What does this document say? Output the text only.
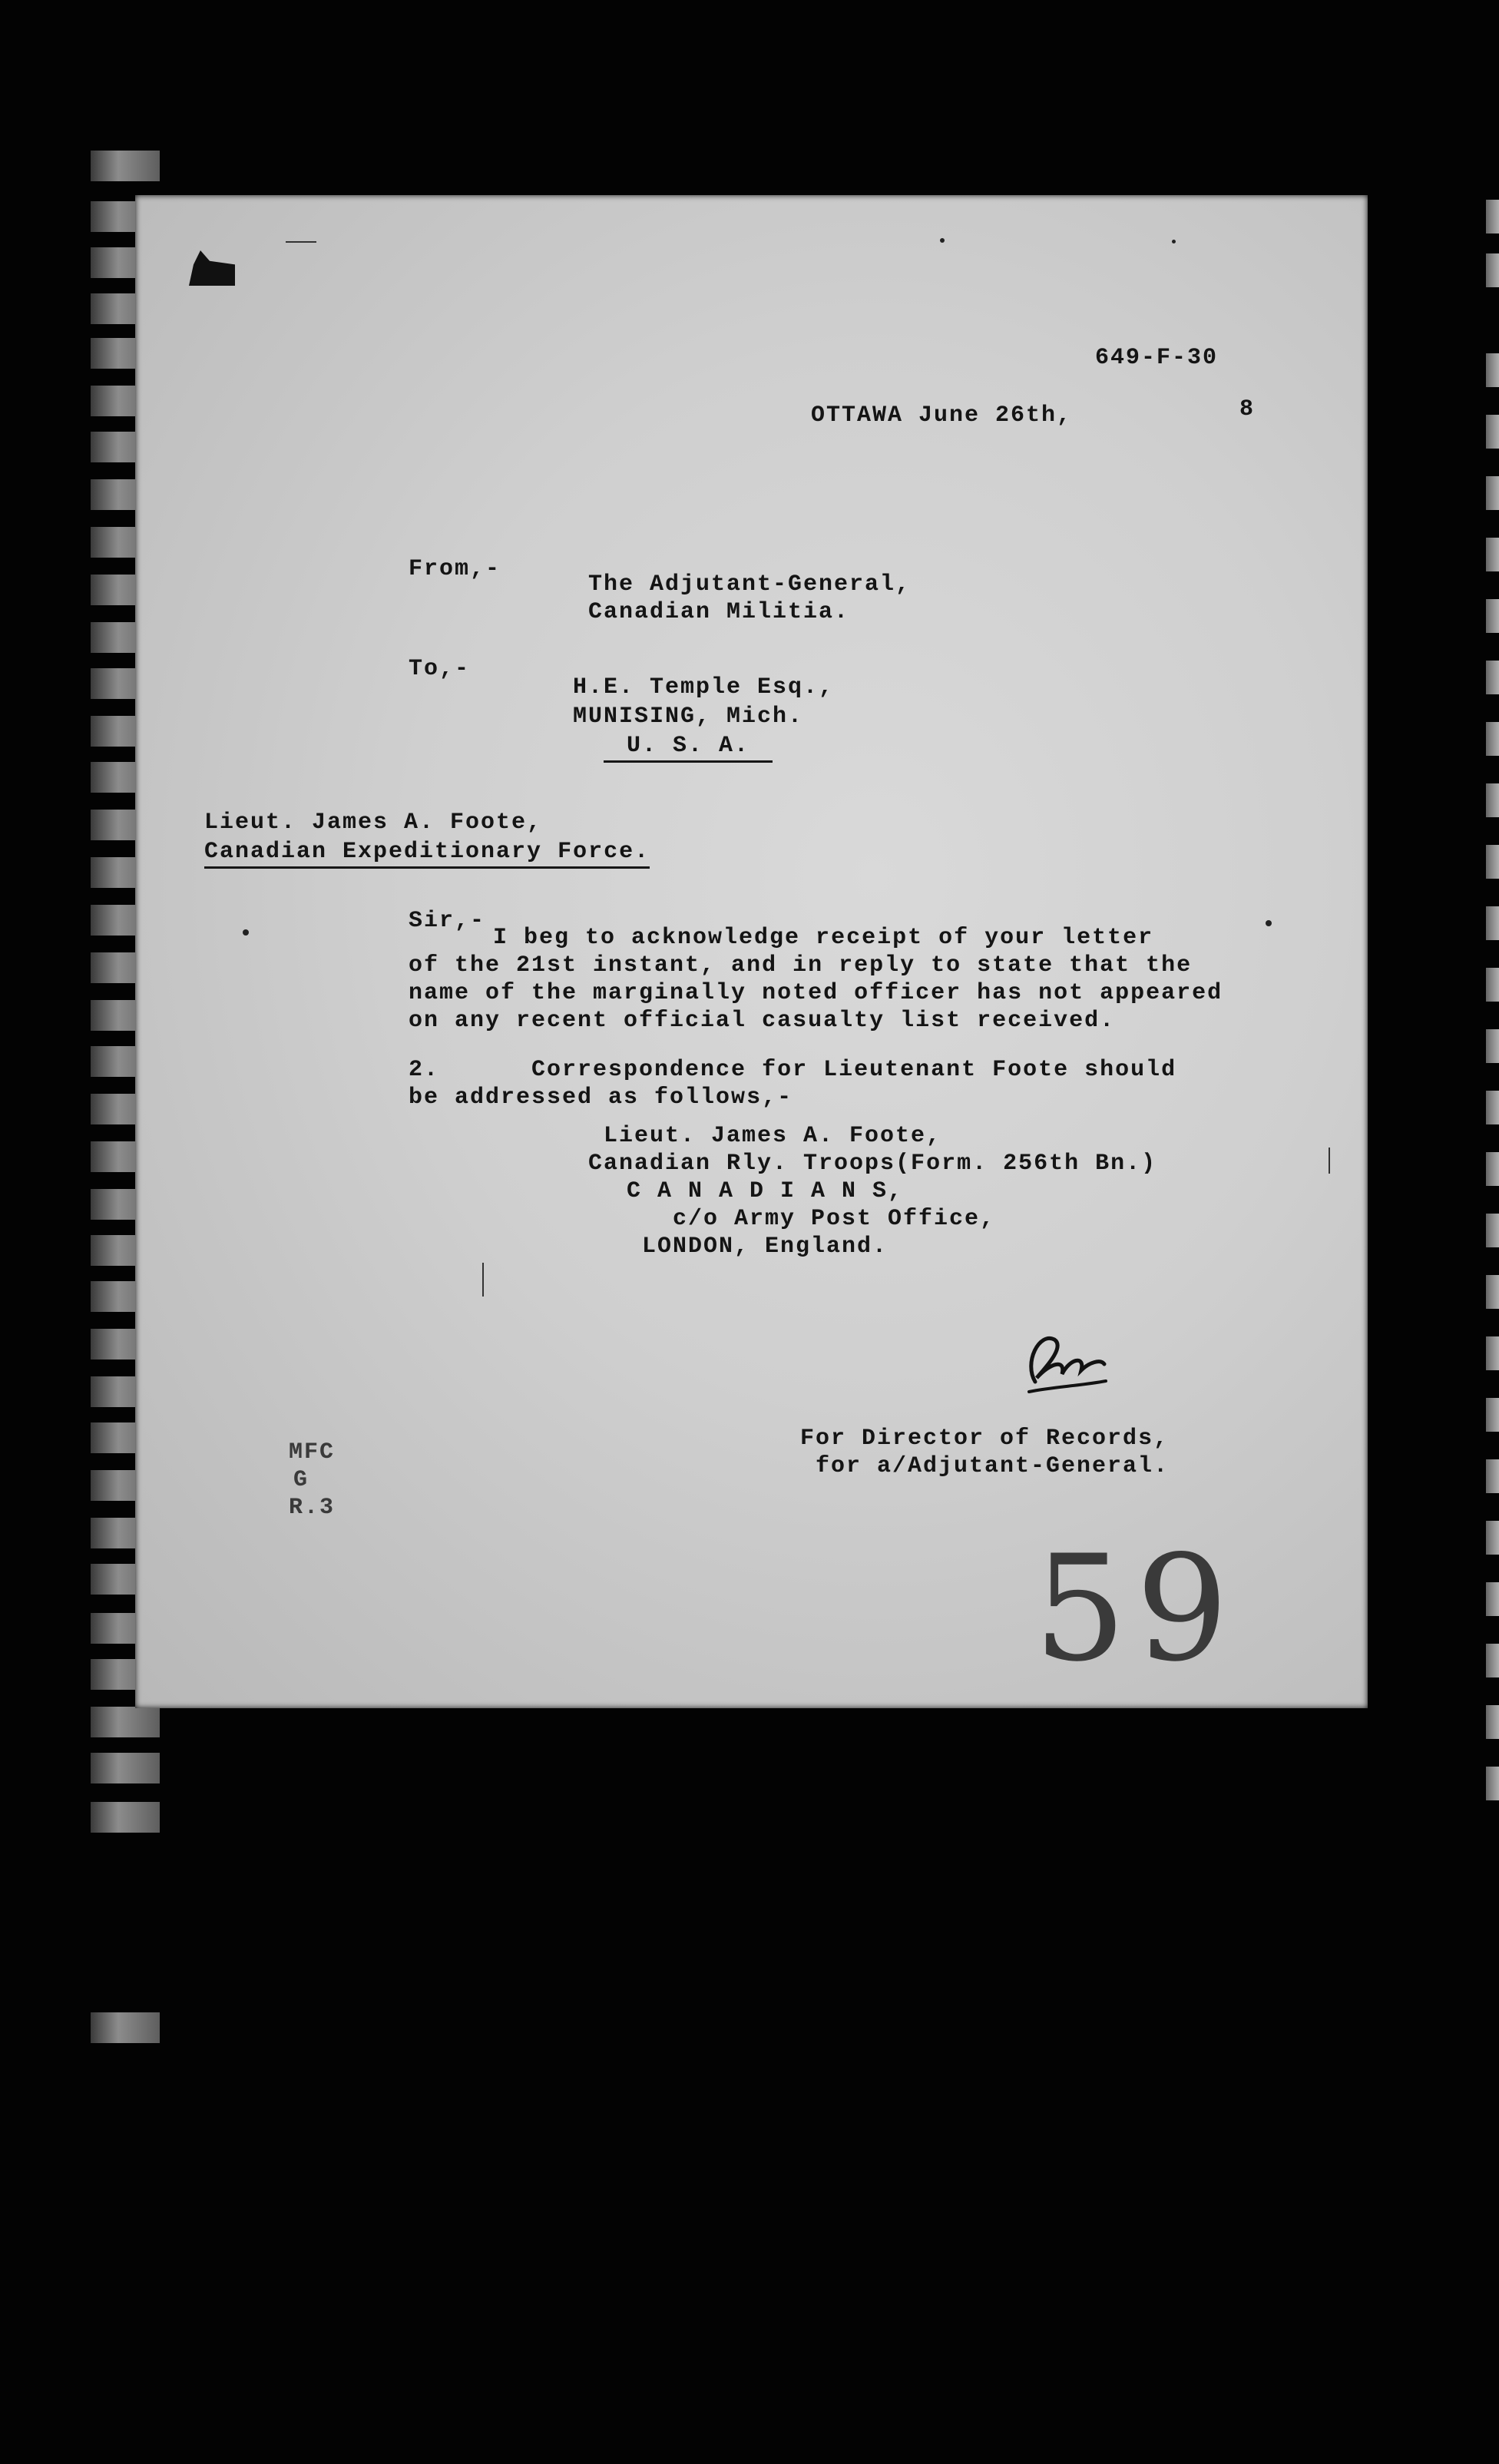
649-F-30
8
OTTAWA June 26th,
From,-
The Adjutant-General,
Canadian Militia.
To,-
H.E. Temple Esq.,
MUNISING, Mich.
U. S. A.
Lieut. James A. Foote,
Canadian Expeditionary Force.
Sir,-
I beg to acknowledge receipt of your letter
of the 21st instant, and in reply to state that the
name of the marginally noted officer has not appeared
on any recent official casualty list received.
2.      Correspondence for Lieutenant Foote should
be addressed as follows,-
Lieut. James A. Foote,
Canadian Rly. Troops(Form. 256th Bn.)
C A N A D I A N S,
c/o Army Post Office,
LONDON, England.
MFC
G
R.3
For Director of Records,
for a/Adjutant-General.
59
